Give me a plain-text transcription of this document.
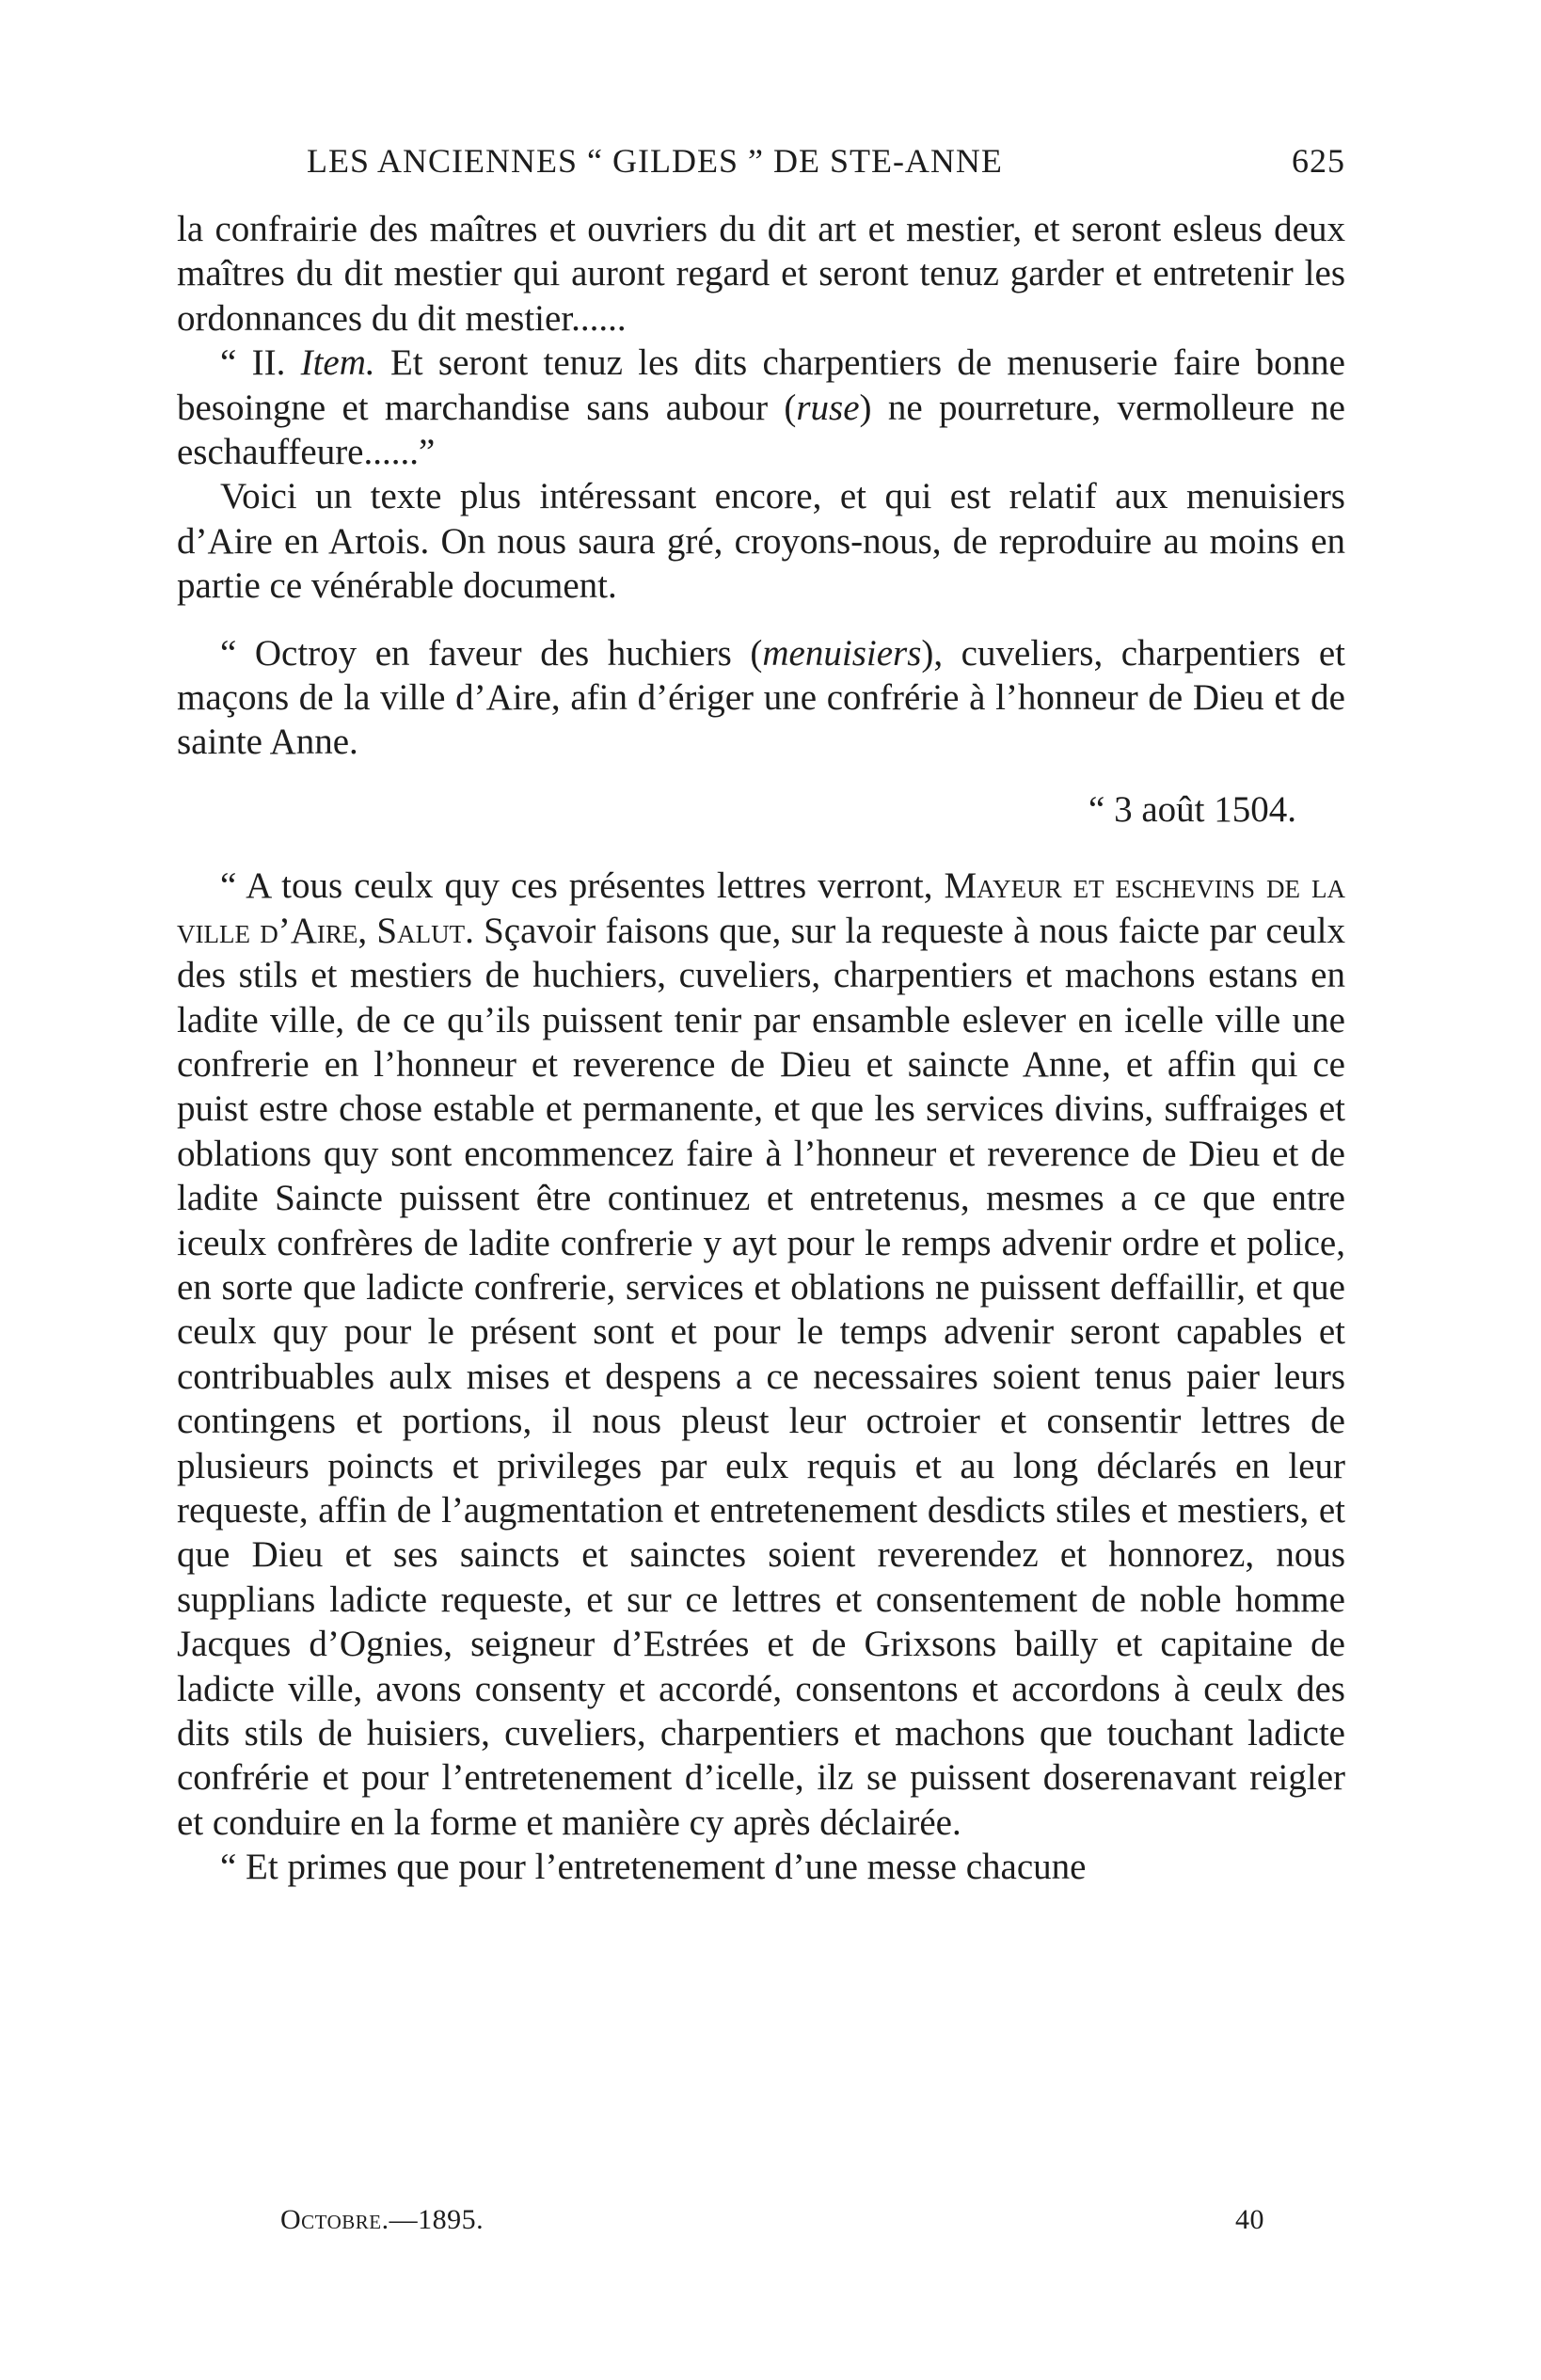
LES ANCIENNES “ GILDES ” DE STE-ANNE	625

la confrairie des maîtres et ouvriers du dit art et mestier, et seront esleus deux maîtres du dit mestier qui auront regard et seront tenuz garder et entretenir les ordonnances du dit mestier......

“ II. Item. Et seront tenuz les dits charpentiers de menuserie faire bonne besoingne et marchandise sans aubour (ruse) ne pourreture, vermolleure ne eschauffeure......”

Voici un texte plus intéressant encore, et qui est relatif aux menuisiers d’Aire en Artois. On nous saura gré, croyons-nous, de reproduire au moins en partie ce vénérable document.

“ Octroy en faveur des huchiers (menuisiers), cuveliers, charpentiers et maçons de la ville d’Aire, afin d’ériger une confrérie à l’honneur de Dieu et de sainte Anne.

“ 3 août 1504.

“ A tous ceulx quy ces présentes lettres verront, Mayeur et eschevins de la ville d’Aire, Salut. Sçavoir faisons que, sur la requeste à nous faicte par ceulx des stils et mestiers de huchiers, cuveliers, charpentiers et machons estans en ladite ville, de ce qu’ils puissent tenir par ensamble eslever en icelle ville une confrerie en l’honneur et reverence de Dieu et saincte Anne, et affin qui ce puist estre chose estable et permanente, et que les services divins, suffraiges et oblations quy sont encommencez faire à l’honneur et reverence de Dieu et de ladite Saincte puissent être continuez et entretenus, mesmes a ce que entre iceulx confrères de ladite confrerie y ayt pour le remps advenir ordre et police, en sorte que ladicte confrerie, services et oblations ne puissent deffaillir, et que ceulx quy pour le présent sont et pour le temps advenir seront capables et contribuables aulx mises et despens a ce necessaires soient tenus paier leurs contingens et portions, il nous pleust leur octroier et consentir lettres de plusieurs poincts et privileges par eulx requis et au long déclarés en leur requeste, affin de l’augmentation et entretenement desdicts stiles et mestiers, et que Dieu et ses saincts et sainctes soient reverendez et honnorez, nous supplians ladicte requeste, et sur ce lettres et consentement de noble homme Jacques d’Ognies, seigneur d’Estrées et de Grixsons bailly et capitaine de ladicte ville, avons consenty et accordé, consentons et accordons à ceulx des dits stils de huisiers, cuveliers, charpentiers et machons que touchant ladicte confrérie et pour l’entretenement d’icelle, ilz se puissent doserenavant reigler et conduire en la forme et manière cy après déclairée.

“ Et primes que pour l’entretenement d’une messe chacune

Octobre.—1895.	40
